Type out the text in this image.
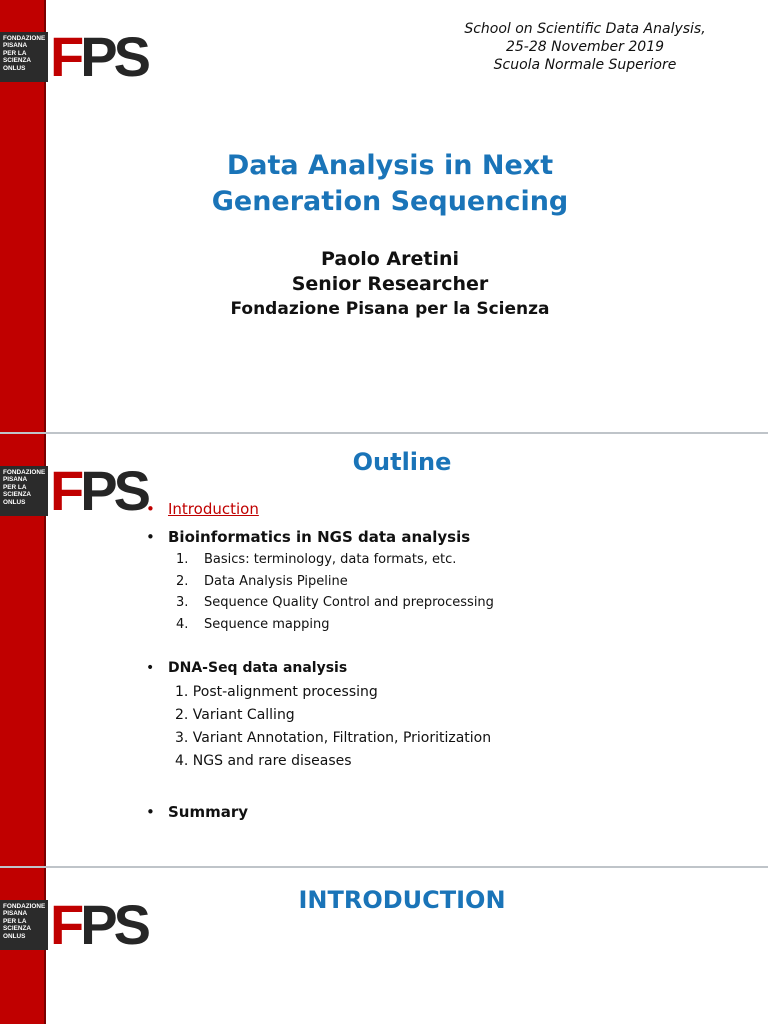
FONDAZIONE
PISANA
PER LA
SCIENZA
ONLUS FPS	School on Scientific Data Analysis,
25-28 November 2019
Scuola Normale Superiore
Data Analysis in Next
Generation Sequencing
Paolo Aretini
Senior Researcher
Fondazione Pisana per la Scienza
FONDAZIONE
PISANA
PER LA
SCIENZA
ONLUS FPS	Outline
• Introduction
• Bioinformatics in NGS data analysis
1. Basics: terminology, data formats, etc.
2. Data Analysis Pipeline
3. Sequence Quality Control and preprocessing
4. Sequence mapping
• DNA-Seq data analysis
1. Post-alignment processing
2. Variant Calling
3. Variant Annotation, Filtration, Prioritization
4. NGS and rare diseases
• Summary
FONDAZIONE
PISANA
PER LA
SCIENZA
ONLUS FPS	INTRODUCTION
